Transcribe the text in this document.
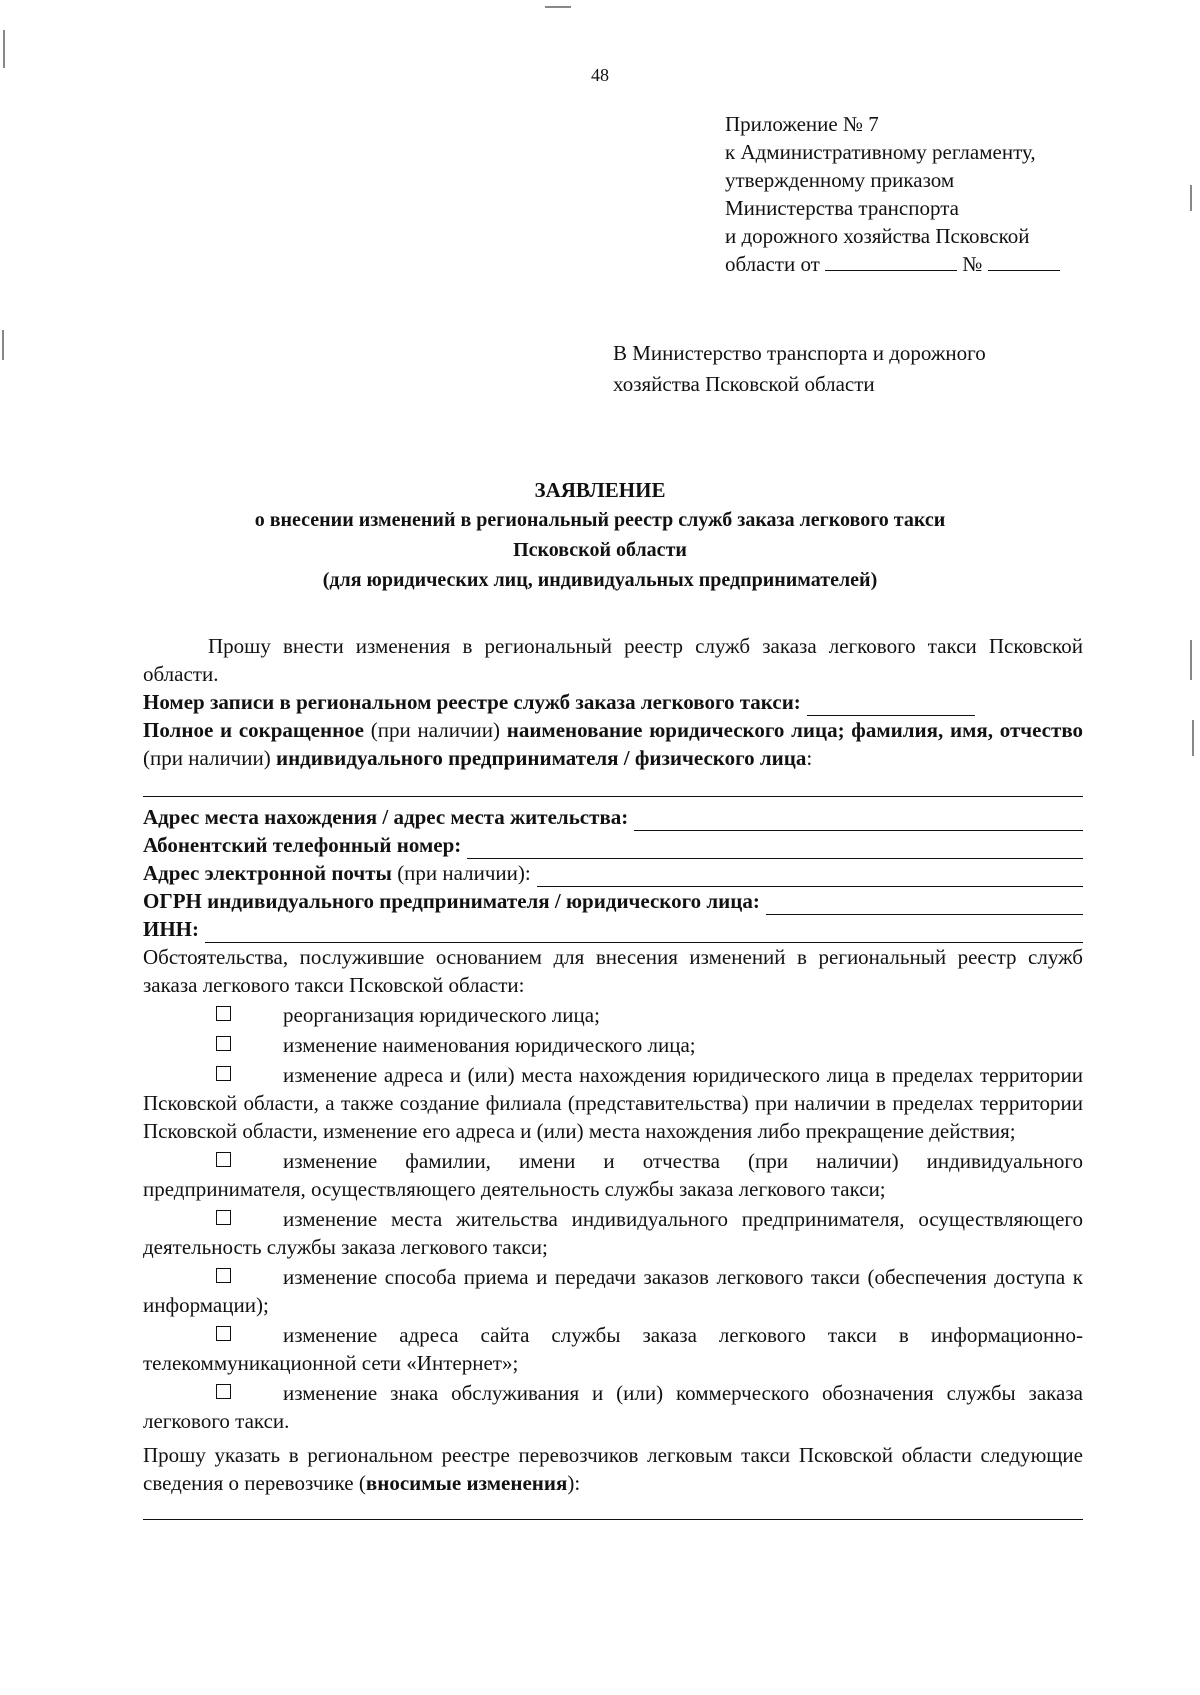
48
Приложение № 7
к Административному регламенту,
утвержденному приказом
Министерства транспорта
и дорожного хозяйства Псковской
области от	№
В Министерство транспорта и дорожного
хозяйства Псковской области
ЗАЯВЛЕНИЕ
о внесении изменений в региональный реестр служб заказа легкового такси
Псковской области
(для юридических лиц, индивидуальных предпринимателей)

Прошу внести изменения в региональный реестр служб заказа легкового такси Псковской области.

Номер записи в региональном реестре служб заказа легкового такси:
Полное и сокращенное (при наличии) наименование юридического лица; фамилия, имя, отчество (при наличии) индивидуального предпринимателя / физического лица:
Адрес места нахождения / адрес места жительства:
Абонентский телефонный номер:
Адрес электронной почты
(при наличии):
ОГРН индивидуального предпринимателя / юридического лица:
ИНН:

Обстоятельства, послужившие основанием для внесения изменений в региональный реестр служб заказа легкового такси Псковской области:

реорганизация юридического лица;
изменение наименования юридического лица;
изменение адреса и (или) места нахождения юридического лица в пределах территории Псковской области, а также создание филиала (представительства) при наличии в пределах территории Псковской области, изменение его адреса и (или) места нахождения либо прекращение действия;
изменение фамилии, имени и отчества (при наличии) индивидуального предпринимателя, осуществляющего деятельность службы заказа легкового такси;
изменение места жительства индивидуального предпринимателя, осуществляющего деятельность службы заказа легкового такси;
изменение способа приема и передачи заказов легкового такси (обеспечения доступа к информации);
изменение адреса сайта службы заказа легкового такси в информационно-телекоммуникационной сети «Интернет»;
изменение знака обслуживания и (или) коммерческого обозначения службы заказа легкового такси.

Прошу указать в региональном реестре перевозчиков легковым такси Псковской области следующие сведения о перевозчике (вносимые изменения):
